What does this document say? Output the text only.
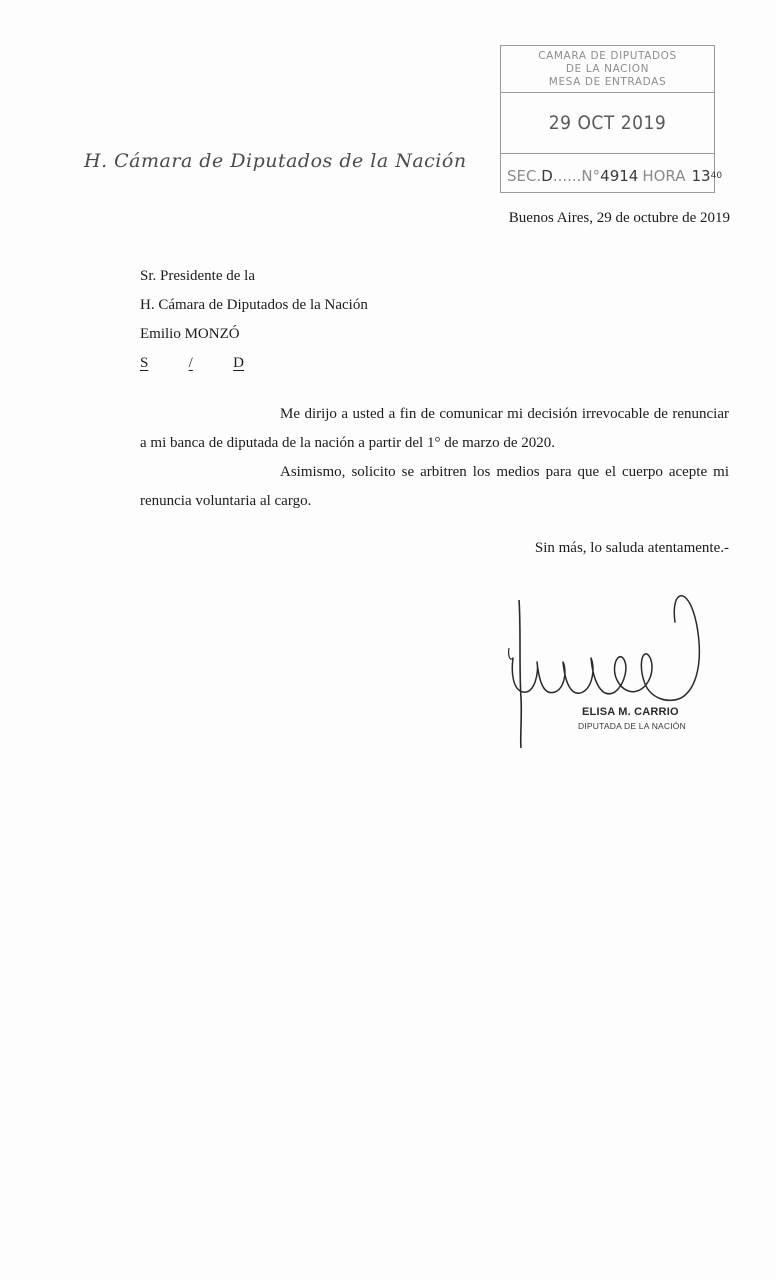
H. Cámara de Diputados de la Nación
CAMARA DE DIPUTADOS
DE LA NACION
MESA DE ENTRADAS
29 OCT 2019
SEC. D ...... N° 4914 HORA 13 40
Buenos Aires, 29 de octubre de 2019
Sr. Presidente de la
H. Cámara de Diputados de la Nación
Emilio MONZÓ
S	/	D

Me dirijo a usted a fin de comunicar mi decisión irrevocable de renunciar a mi banca de diputada de la nación a partir del 1° de marzo de 2020.

Asimismo, solicito se arbitren los medios para que el cuerpo acepte mi renuncia voluntaria al cargo.

Sin más, lo saluda atentamente.-
ELISA M. CARRIO
DIPUTADA DE LA NACIÓN
